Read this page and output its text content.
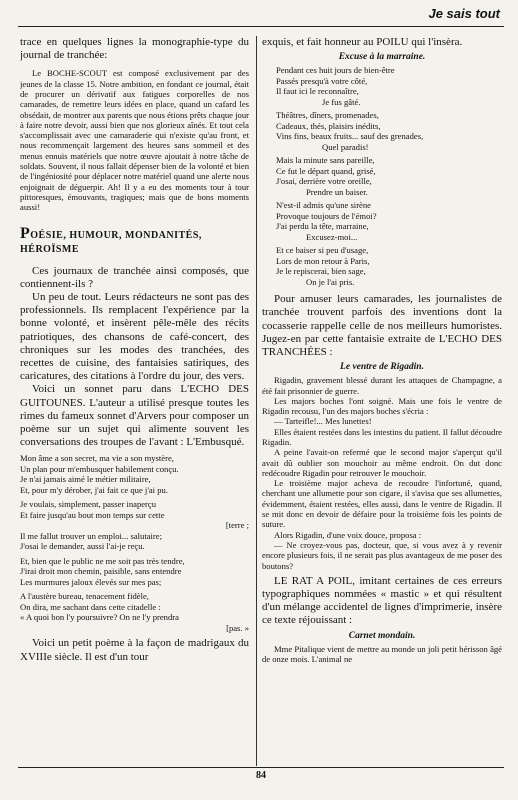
Je sais tout

trace en quelques lignes la monographie-type du journal de tranchée:

Le BOCHE-SCOUT est composé exclusivement par des jeunes de la classe 15. Notre ambition, en fondant ce journal, était de procurer un dérivatif aux fatigues corporelles de nos camarades, de remettre leurs idées en place, quand un cafard les obsédait, de montrer aux parents que nous étions prêts chaque jour à faire notre devoir, aussi bien que nos glorieux aînés. Et tout cela s'accomplissait avec une camaraderie qui n'existe qu'au front, et nous recommençait largement des heures sans sommeil et des menus ennuis matériels que notre œuvre ajoutait à notre tâche de soldats. Souvent, il nous fallait dépenser bien de la volonté et bien de l'ingéniosité pour déplacer notre matériel quand une alerte nous enjoignait de déguerpir. Ah! Il y a eu des moments tour à tour pittoresques, émouvants, tragiques; mais que de bons moments aussi!

POÉSIE, HUMOUR, MONDANITÉS, HÉROÏSME

Ces journaux de tranchée ainsi composés, que contiennent-ils ?

Un peu de tout. Leurs rédacteurs ne sont pas des professionnels. Ils remplacent l'expérience par la bonne volonté, et insèrent pêle-mêle des récits patriotiques, des chansons de café-concert, des chroniques sur les modes des tranchées, des recettes de cuisine, des fantaisies satiriques, des caricatures, des citations à l'ordre du jour, des vers.

Voici un sonnet paru dans L'ECHO DES GUITOUNES. L'auteur a utilisé presque toutes les rimes du fameux sonnet d'Arvers pour composer un poème sur un sujet qui alimente souvent les conversations des troupes de l'avant : L'Embusqué.

Mon âme a son secret, ma vie a son mystère,
Un plan pour m'embusquer habilement conçu.
Je n'ai jamais aimé le métier militaire,
Et, pour m'y dérober, j'ai fait ce que j'ai pu.
Je voulais, simplement, passer inaperçu
Et faire jusqu'au bout mon temps sur cette
[terre ;
Il me fallut trouver un emploi... salutaire;
J'osai le demander, aussi l'ai-je reçu.
Et, bien que le public ne me soit pas très tendre,
J'irai droit mon chemin, paisible, sans entendre
Les murmures jaloux élevés sur mes pas;
A l'austère bureau, tenacement fidèle,
On dira, me sachant dans cette citadelle :
« A quoi bon l'y poursuivre? On ne l'y prendra
[pas. »

Voici un petit poème à la façon de madrigaux du XVIIIe siècle. Il est d'un tour

exquis, et fait honneur au POILU qui l'insèra.

Excuse à la marraine.
Pendant ces huit jours de bien-être
Passés presqu'à votre côté,
Il faut ici le reconnaître,
Je fus gâté.
Théâtres, dîners, promenades,
Cadeaux, thés, plaisirs inédits,
Vins fins, beaux fruits... sauf des grenades,
Quel paradis!
Mais la minute sans pareille,
Ce fut le départ quand, grisé,
J'osai, derrière votre oreille,
Prendre un baiser.
N'est-il admis qu'une sirène
Provoque toujours de l'émoi?
J'ai perdu la tête, marraine,
Excusez-moi...
Et ce baiser si peu d'usage,
Lors de mon retour à Paris,
Je le repiscerai, bien sage,
On je l'ai pris.

Pour amuser leurs camarades, les journalistes de tranchée trouvent parfois des inventions dont la cocasserie rappelle celle de nos meilleurs humoristes. Jugez-en par cette fantaisie extraite de L'ECHO DES TRANCHÉES :

Le ventre de Rigadin.

Rigadin, gravement blessé durant les attaques de Champagne, a été fait prisonnier de guerre.

Les majors boches l'ont soigné. Mais une fois le ventre de Rigadin recousu, l'un des majors boches s'écria :

— Tarteifle!... Mes lunettes!

Elles étaient restées dans les intestins du patient. Il fallut découdre Rigadin.

A peine l'avait-on refermé que le second major s'aperçut qu'il avait dû oublier son mouchoir au même endroit. On dut donc redécoudre Rigadin pour retrouver le mouchoir.

Le troisième major acheva de recoudre l'infortuné, quand, cherchant une allumette pour son cigare, il s'avisa que ses allumettes, évidemment, étaient restées, elles aussi, dans le ventre de Rigadin. Il se mit donc en devoir de défaire pour la troisième fois les points de suture.

Alors Rigadin, d'une voix douce, proposa :

— Ne croyez-vous pas, docteur, que, si vous avez à y revenir encore plusieurs fois, il ne serait pas plus avantageux de me poser des boutons?

LE RAT A POIL, imitant certaines de ces erreurs typographiques nommées « mastic » et qui résultent d'un mélange accidentel de lignes d'imprimerie, insère ce texte réjouissant :

Carnet mondain.

Mme Pitalique vient de mettre au monde un joli petit hérisson âgé de onze mois. L'animal ne

84
